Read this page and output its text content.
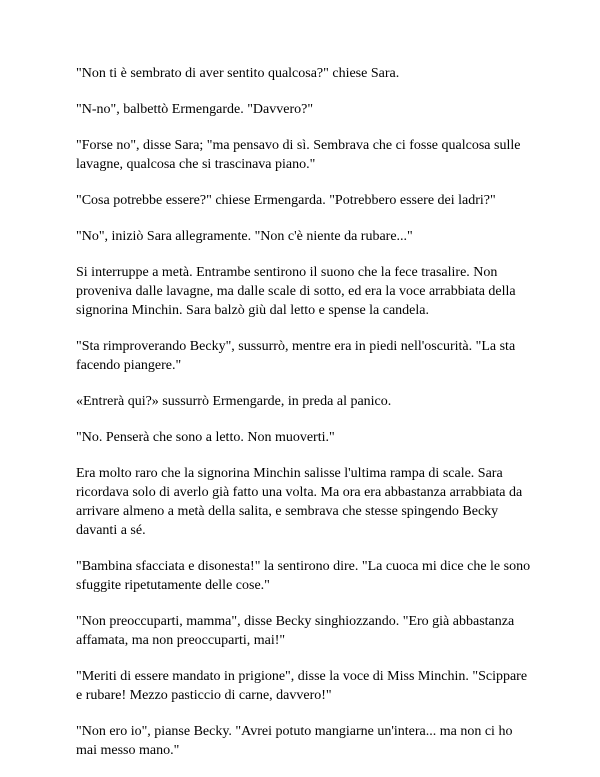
"Non ti è sembrato di aver sentito qualcosa?" chiese Sara.

"N-no", balbettò Ermengarde. "Davvero?"

"Forse no", disse Sara; "ma pensavo di sì. Sembrava che ci fosse qualcosa sulle lavagne, qualcosa che si trascinava piano."

"Cosa potrebbe essere?" chiese Ermengarda. "Potrebbero essere dei ladri?"

"No", iniziò Sara allegramente. "Non c'è niente da rubare..."

Si interruppe a metà. Entrambe sentirono il suono che la fece trasalire. Non proveniva dalle lavagne, ma dalle scale di sotto, ed era la voce arrabbiata della signorina Minchin. Sara balzò giù dal letto e spense la candela.

"Sta rimproverando Becky", sussurrò, mentre era in piedi nell'oscurità. "La sta facendo piangere."

«Entrerà qui?» sussurrò Ermengarde, in preda al panico.

"No. Penserà che sono a letto. Non muoverti."

Era molto raro che la signorina Minchin salisse l'ultima rampa di scale. Sara ricordava solo di averlo già fatto una volta. Ma ora era abbastanza arrabbiata da arrivare almeno a metà della salita, e sembrava che stesse spingendo Becky davanti a sé.

"Bambina sfacciata e disonesta!" la sentirono dire. "La cuoca mi dice che le sono sfuggite ripetutamente delle cose."

"Non preoccuparti, mamma", disse Becky singhiozzando. "Ero già abbastanza affamata, ma non preoccuparti, mai!"

"Meriti di essere mandato in prigione", disse la voce di Miss Minchin. "Scippare e rubare! Mezzo pasticcio di carne, davvero!"

"Non ero io", pianse Becky. "Avrei potuto mangiarne un'intera... ma non ci ho mai messo mano."
